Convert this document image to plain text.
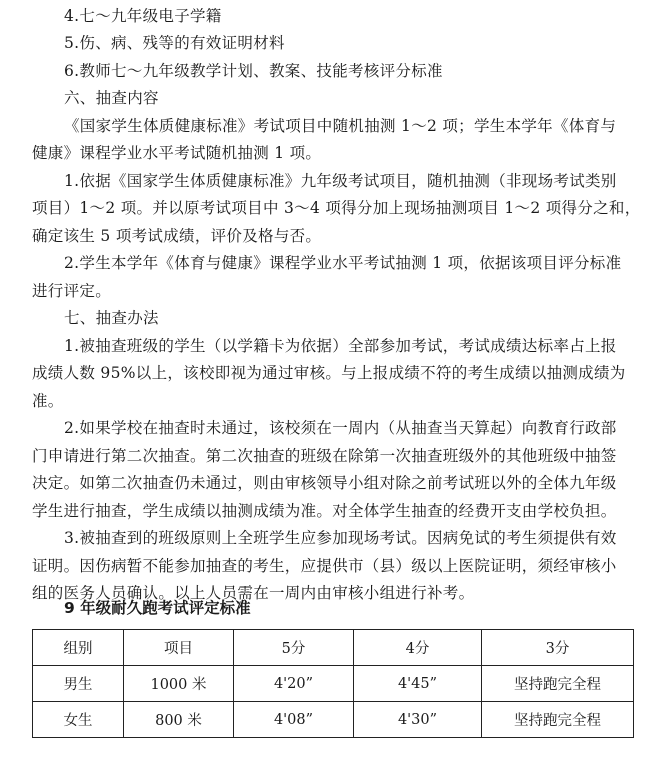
4.七～九年级电子学籍
5.伤、病、残等的有效证明材料
6.教师七～九年级教学计划、教案、技能考核评分标准
六、抽查内容
《国家学生体质健康标准》考试项目中随机抽测 1～2 项；学生本学年《体育与
健康》课程学业水平考试随机抽测 1 项。
1.依据《国家学生体质健康标准》九年级考试项目，随机抽测（非现场考试类别
项目）1～2 项。并以原考试项目中 3～4 项得分加上现场抽测项目 1～2 项得分之和，
确定该生 5 项考试成绩，评价及格与否。
2.学生本学年《体育与健康》课程学业水平考试抽测 1 项，依据该项目评分标准
进行评定。
七、抽查办法
1.被抽查班级的学生（以学籍卡为依据）全部参加考试，考试成绩达标率占上报
成绩人数 95%以上，该校即视为通过审核。与上报成绩不符的考生成绩以抽测成绩为
准。
2.如果学校在抽查时未通过，该校须在一周内（从抽查当天算起）向教育行政部
门申请进行第二次抽查。第二次抽查的班级在除第一次抽查班级外的其他班级中抽签
决定。如第二次抽查仍未通过，则由审核领导小组对除之前考试班以外的全体九年级
学生进行抽查，学生成绩以抽测成绩为准。对全体学生抽查的经费开支由学校负担。
3.被抽查到的班级原则上全班学生应参加现场考试。因病免试的考生须提供有效
证明。因伤病暂不能参加抽查的考生，应提供市（县）级以上医院证明，须经审核小
组的医务人员确认。以上人员需在一周内由审核小组进行补考。
9 年级耐久跑考试评定标准
组别	项目	5分	4分	3分
男生	1000 米	4'20”	4'45”	坚持跑完全程
女生	800 米	4'08”	4'30”	坚持跑完全程
